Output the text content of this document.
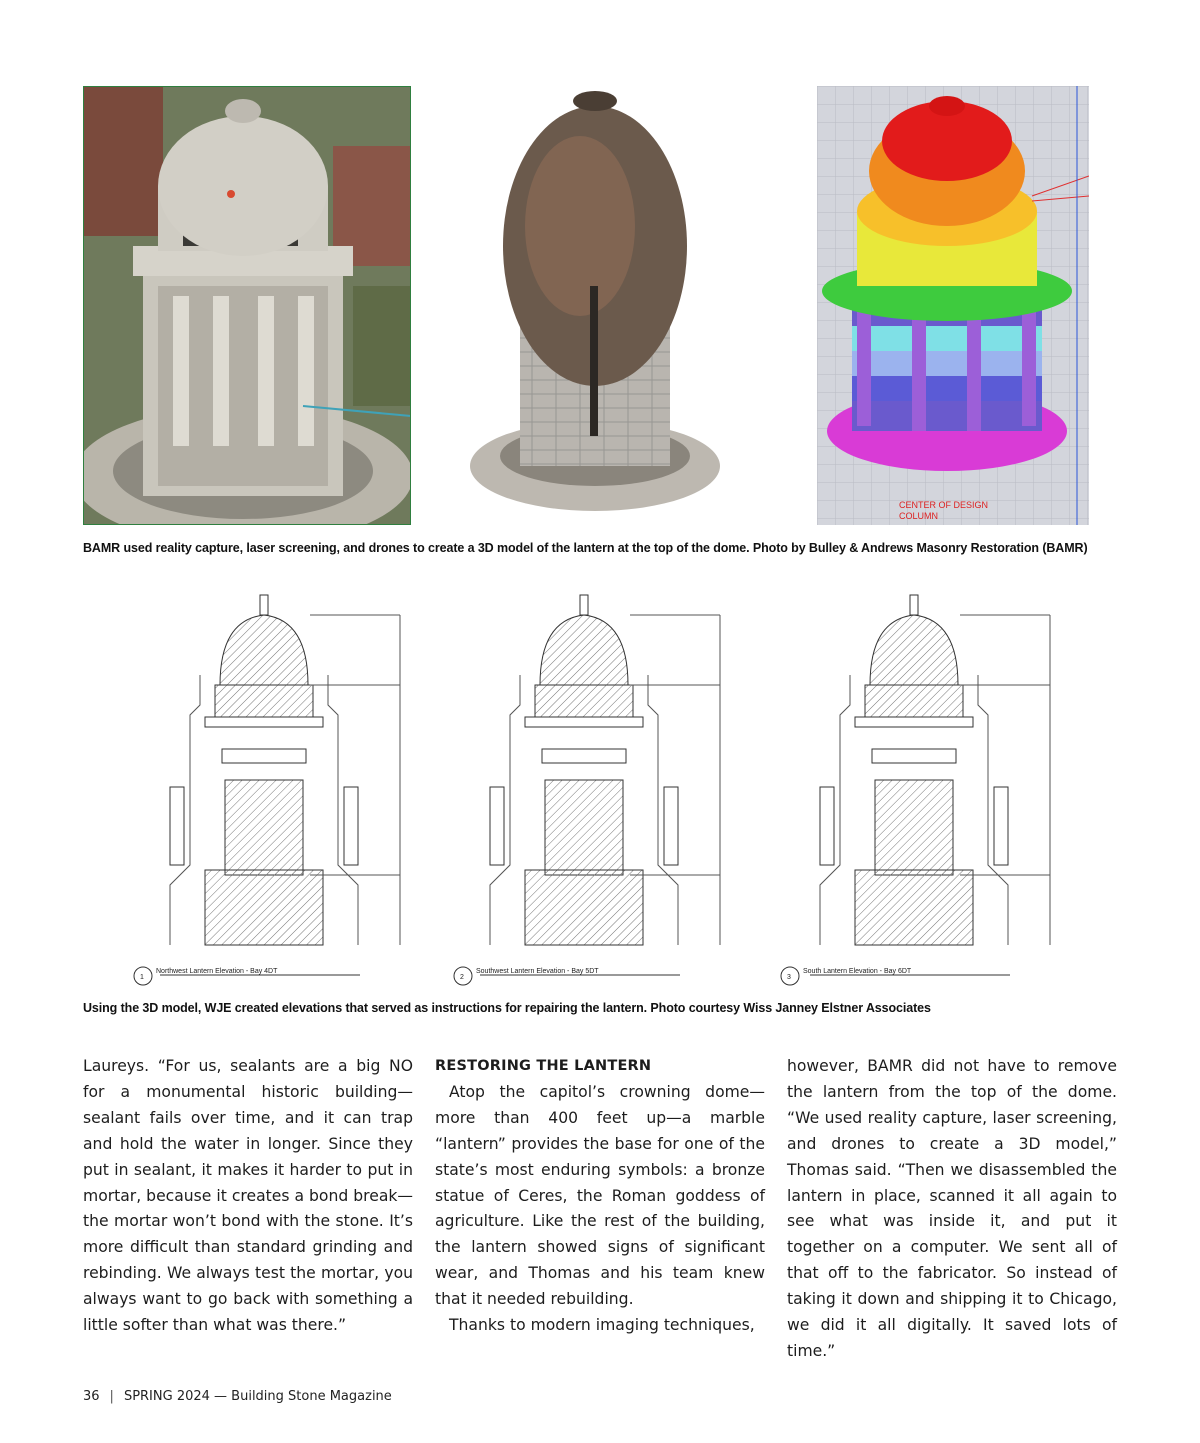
CENTER OF DESIGN
COLUMN
BAMR used reality capture, laser screening, and drones to create a 3D model of the lantern at the top of the dome. Photo by Bulley & Andrews Masonry Restoration (BAMR)
1	2	3
Northwest Lantern Elevation - Bay 4DT	Southwest Lantern Elevation - Bay 5DT	South Lantern Elevation - Bay 6DT
Using the 3D model, WJE created elevations that served as instructions for repairing the lantern. Photo courtesy Wiss Janney Elstner Associates

Laureys. “For us, sealants are a big NO for a monumental historic building—sealant fails over time, and it can trap and hold the water in longer. Since they put in sealant, it makes it harder to put in mortar, because it creates a bond break—the mortar won’t bond with the stone. It’s more difficult than standard grinding and rebinding. We always test the mortar, you always want to go back with something a little softer than what was there.”

RESTORING THE LANTERN

Atop the capitol’s crowning dome—more than 400 feet up—a marble “lantern” provides the base for one of the state’s most enduring symbols: a bronze statue of Ceres, the Roman goddess of agriculture. Like the rest of the building, the lantern showed signs of significant wear, and Thomas and his team knew that it needed rebuilding.

Thanks to modern imaging techniques,

however, BAMR did not have to remove the lantern from the top of the dome. “We used reality capture, laser screening, and drones to create a 3D model,” Thomas said. “Then we disassembled the lantern in place, scanned it all again to see what was inside it, and put it together on a computer. We sent all of that off to the fabricator. So instead of taking it down and shipping it to Chicago, we did it all digitally. It saved lots of time.”

36 | SPRING 2024 — Building Stone Magazine
